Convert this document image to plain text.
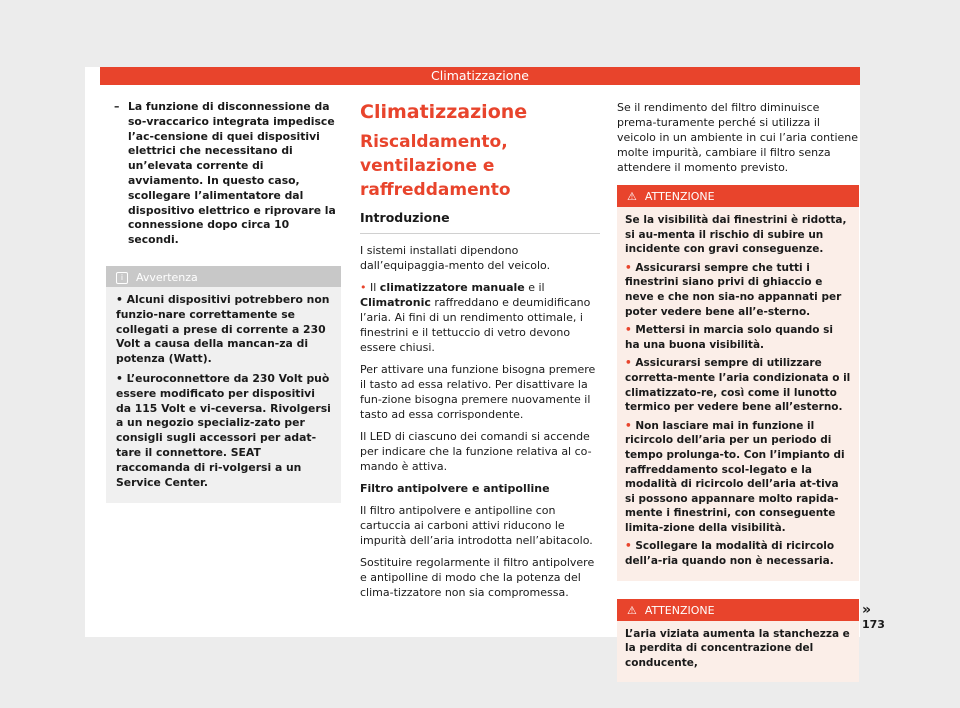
Climatizzazione
– La funzione di disconnessione da so-vraccarico integrata impedisce l’ac-censione di quei dispositivi elettrici che necessitano di un’elevata corrente di avviamento. In questo caso, scollegare l’alimentatore dal dispositivo elettrico e riprovare la connessione dopo circa 10 secondi.
i Avvertenza

• Alcuni dispositivi potrebbero non funzio-nare correttamente se collegati a prese di corrente a 230 Volt a causa della mancan-za di potenza (Watt).

• L’euroconnettore da 230 Volt può essere modificato per dispositivi da 115 Volt e vi-ceversa. Rivolgersi a un negozio specializ-zato per consigli sugli accessori per adat-tare il connettore. SEAT raccomanda di ri-volgersi a un Service Center.

Climatizzazione
Riscaldamento, ventilazione e raffreddamento
Introduzione

I sistemi installati dipendono dall’equipaggia-mento del veicolo.

• Il climatizzatore manuale e il Climatronic raffreddano e deumidificano l’aria. Ai fini di un rendimento ottimale, i finestrini e il tettuccio di vetro devono essere chiusi.

Per attivare una funzione bisogna premere il tasto ad essa relativo. Per disattivare la fun-zione bisogna premere nuovamente il tasto ad essa corrispondente.

Il LED di ciascuno dei comandi si accende per indicare che la funzione relativa al co-mando è attiva.

Filtro antipolvere e antipolline

Il filtro antipolvere e antipolline con cartuccia ai carboni attivi riducono le impurità dell’aria introdotta nell’abitacolo.

Sostituire regolarmente il filtro antipolvere e antipolline di modo che la potenza del clima-tizzatore non sia compromessa.

Se il rendimento del filtro diminuisce prema-turamente perché si utilizza il veicolo in un ambiente in cui l’aria contiene molte impurità, cambiare il filtro senza attendere il momento previsto.

⚠ ATTENZIONE

Se la visibilità dai finestrini è ridotta, si au-menta il rischio di subire un incidente con gravi conseguenze.

• Assicurarsi sempre che tutti i finestrini siano privi di ghiaccio e neve e che non sia-no appannati per poter vedere bene all’e-sterno.

• Mettersi in marcia solo quando si ha una buona visibilità.

• Assicurarsi sempre di utilizzare corretta-mente l’aria condizionata o il climatizzato-re, così come il lunotto termico per vedere bene all’esterno.

• Non lasciare mai in funzione il ricircolo dell’aria per un periodo di tempo prolunga-to. Con l’impianto di raffreddamento scol-legato e la modalità di ricircolo dell’aria at-tiva si possono appannare molto rapida-mente i finestrini, con conseguente limita-zione della visibilità.

• Scollegare la modalità di ricircolo dell’a-ria quando non è necessaria.

⚠ ATTENZIONE

L’aria viziata aumenta la stanchezza e la perdita di concentrazione del conducente,

»
173
